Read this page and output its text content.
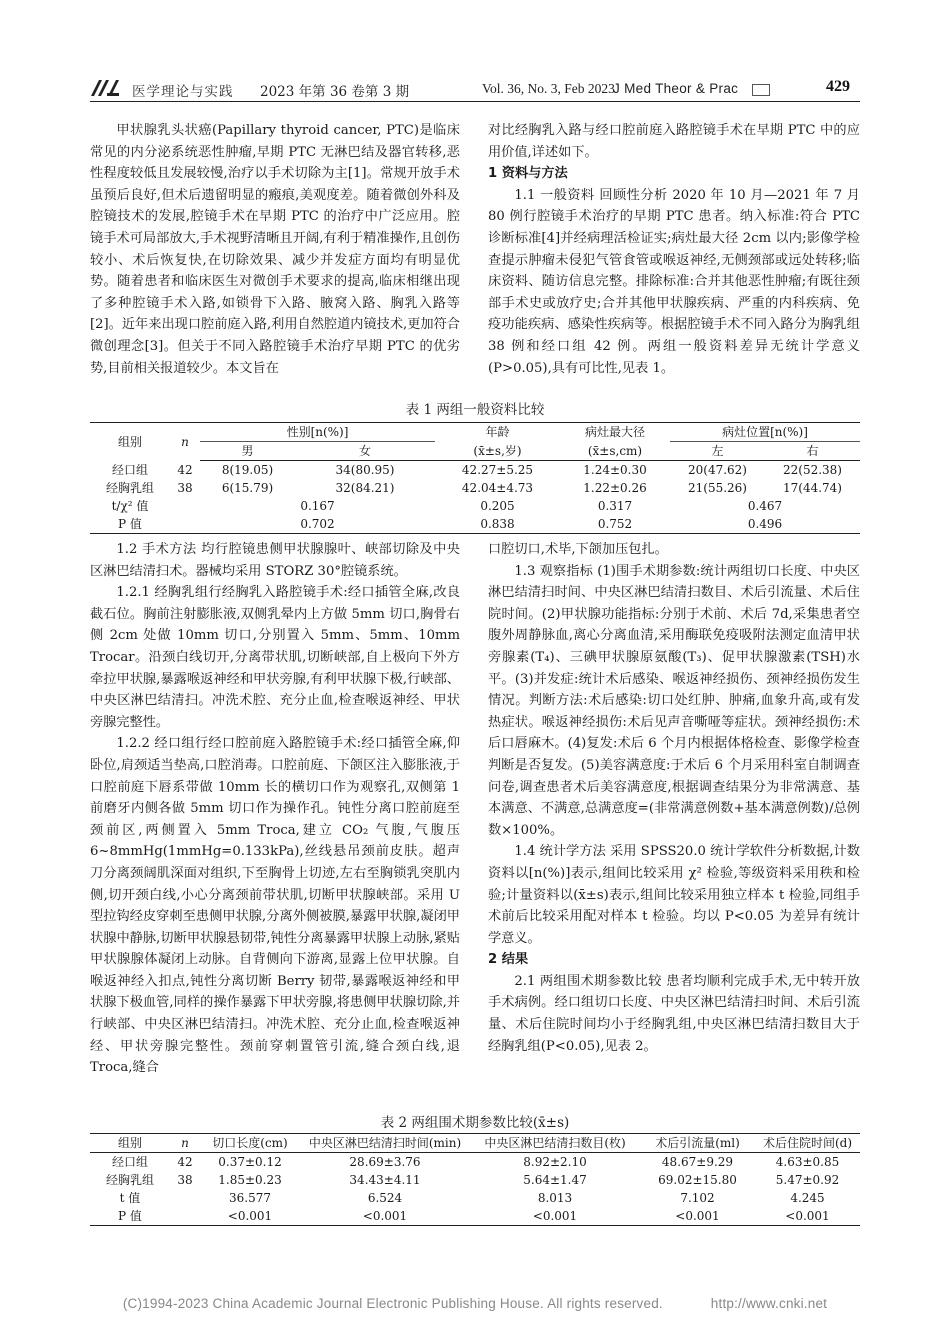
医学理论与实践 2023 年第 36 卷第 3 期	Vol. 36, No. 3, Feb 2023
J Med Theor & Prac	429

甲状腺乳头状癌(Papillary thyroid cancer, PTC)是临床常见的内分泌系统恶性肿瘤,早期 PTC 无淋巴结及器官转移,恶性程度较低且发展较慢,治疗以手术切除为主[1]。常规开放手术虽预后良好,但术后遗留明显的瘢痕,美观度差。随着微创外科及腔镜技术的发展,腔镜手术在早期 PTC 的治疗中广泛应用。腔镜手术可局部放大,手术视野清晰且开阔,有利于精准操作,且创伤较小、术后恢复快,在切除效果、减少并发症方面均有明显优势。随着患者和临床医生对微创手术要求的提高,临床相继出现了多种腔镜手术入路,如锁骨下入路、腋窝入路、胸乳入路等[2]。近年来出现口腔前庭入路,利用自然腔道内镜技术,更加符合微创理念[3]。但关于不同入路腔镜手术治疗早期 PTC 的优劣势,目前相关报道较少。本文旨在

对比经胸乳入路与经口腔前庭入路腔镜手术在早期 PTC 中的应用价值,详述如下。

1 资料与方法

1.1 一般资料 回顾性分析 2020 年 10 月—2021 年 7 月 80 例行腔镜手术治疗的早期 PTC 患者。纳入标准:符合 PTC 诊断标准[4]并经病理活检证实;病灶最大径 2cm 以内;影像学检查提示肿瘤未侵犯气管食管或喉返神经,无侧颈部或远处转移;临床资料、随访信息完整。排除标准:合并其他恶性肿瘤;有既往颈部手术史或放疗史;合并其他甲状腺疾病、严重的内科疾病、免疫功能疾病、感染性疾病等。根据腔镜手术不同入路分为胸乳组 38 例和经口组 42 例。两组一般资料差异无统计学意义(P>0.05),具有可比性,见表 1。

表 1 两组一般资料比较
组别	n	性别[n(%)]		年龄	病灶最大径	病灶位置[n(%)]	
		男	女	(x̄±s,岁)	(x̄±s,cm)	左	右
经口组	42	8(19.05)	34(80.95)	42.27±5.25	1.24±0.30	20(47.62)	22(52.38)
经胸乳组	38	6(15.79)	32(84.21)	42.04±4.73	1.22±0.26	21(55.26)	17(44.74)
t/χ² 值		0.167		0.205	0.317	0.467	
P 值		0.702		0.838	0.752	0.496	

1.2 手术方法 均行腔镜患侧甲状腺腺叶、峡部切除及中央区淋巴结清扫术。器械均采用 STORZ 30°腔镜系统。

1.2.1 经胸乳组行经胸乳入路腔镜手术:经口插管全麻,改良截石位。胸前注射膨胀液,双侧乳晕内上方做 5mm 切口,胸骨右侧 2cm 处做 10mm 切口,分别置入 5mm、5mm、10mm Trocar。沿颈白线切开,分离带状肌,切断峡部,自上极向下外方牵拉甲状腺,暴露喉返神经和甲状旁腺,有利甲状腺下极,行峡部、中央区淋巴结清扫。冲洗术腔、充分止血,检查喉返神经、甲状旁腺完整性。

1.2.2 经口组行经口腔前庭入路腔镜手术:经口插管全麻,仰卧位,肩颈适当垫高,口腔消毒。口腔前庭、下颌区注入膨胀液,于口腔前庭下唇系带做 10mm 长的横切口作为观察孔,双侧第 1 前磨牙内侧各做 5mm 切口作为操作孔。钝性分离口腔前庭至颈前区,两侧置入 5mm Troca,建立 CO₂ 气腹,气腹压 6~8mmHg(1mmHg=0.133kPa),丝线悬吊颈前皮肤。超声刀分离颈阔肌深面对组织,下至胸骨上切迹,左右至胸锁乳突肌内侧,切开颈白线,小心分离颈前带状肌,切断甲状腺峡部。采用 U 型拉钩经皮穿刺至患侧甲状腺,分离外侧被膜,暴露甲状腺,凝闭甲状腺中静脉,切断甲状腺悬韧带,钝性分离暴露甲状腺上动脉,紧贴甲状腺腺体凝闭上动脉。自背侧向下游离,显露上位甲状腺。自喉返神经入扣点,钝性分离切断 Berry 韧带,暴露喉返神经和甲状腺下极血管,同样的操作暴露下甲状旁腺,将患侧甲状腺切除,并行峡部、中央区淋巴结清扫。冲洗术腔、充分止血,检查喉返神经、甲状旁腺完整性。颈前穿刺置管引流,缝合颈白线,退 Troca,缝合

口腔切口,术毕,下颌加压包扎。

1.3 观察指标 (1)围手术期参数:统计两组切口长度、中央区淋巴结清扫时间、中央区淋巴结清扫数目、术后引流量、术后住院时间。(2)甲状腺功能指标:分别于术前、术后 7d,采集患者空腹外周静脉血,离心分离血清,采用酶联免疫吸附法测定血清甲状旁腺素(T₄)、三碘甲状腺原氨酸(T₃)、促甲状腺激素(TSH)水平。(3)并发症:统计术后感染、喉返神经损伤、颈神经损伤发生情况。判断方法:术后感染:切口处红肿、肿痛,血象升高,或有发热症状。喉返神经损伤:术后见声音嘶哑等症状。颈神经损伤:术后口唇麻木。(4)复发:术后 6 个月内根据体格检查、影像学检查判断是否复发。(5)美容满意度:于术后 6 个月采用科室自制调查问卷,调查患者术后美容满意度,根据调查结果分为非常满意、基本满意、不满意,总满意度=(非常满意例数+基本满意例数)/总例数×100%。

1.4 统计学方法 采用 SPSS20.0 统计学软件分析数据,计数资料以[n(%)]表示,组间比较采用 χ² 检验,等级资料采用秩和检验;计量资料以(x̄±s)表示,组间比较采用独立样本 t 检验,同组手术前后比较采用配对样本 t 检验。均以 P<0.05 为差异有统计学意义。

2 结果

2.1 两组围术期参数比较 患者均顺利完成手术,无中转开放手术病例。经口组切口长度、中央区淋巴结清扫时间、术后引流量、术后住院时间均小于经胸乳组,中央区淋巴结清扫数目大于经胸乳组(P<0.05),见表 2。

表 2 两组围术期参数比较(x̄±s)
组别	n	切口长度(cm)	中央区淋巴结清扫时间(min)	中央区淋巴结清扫数目(枚)	术后引流量(ml)	术后住院时间(d)
经口组	42	0.37±0.12	28.69±3.76	8.92±2.10	48.67±9.29	4.63±0.85
经胸乳组	38	1.85±0.23	34.43±4.11	5.64±1.47	69.02±15.80	5.47±0.92
t 值		36.577	6.524	8.013	7.102	4.245
P 值		<0.001	<0.001	<0.001	<0.001	<0.001
(C)1994-2023 China Academic Journal Electronic Publishing House. All rights reserved.	http://www.cnki.net
